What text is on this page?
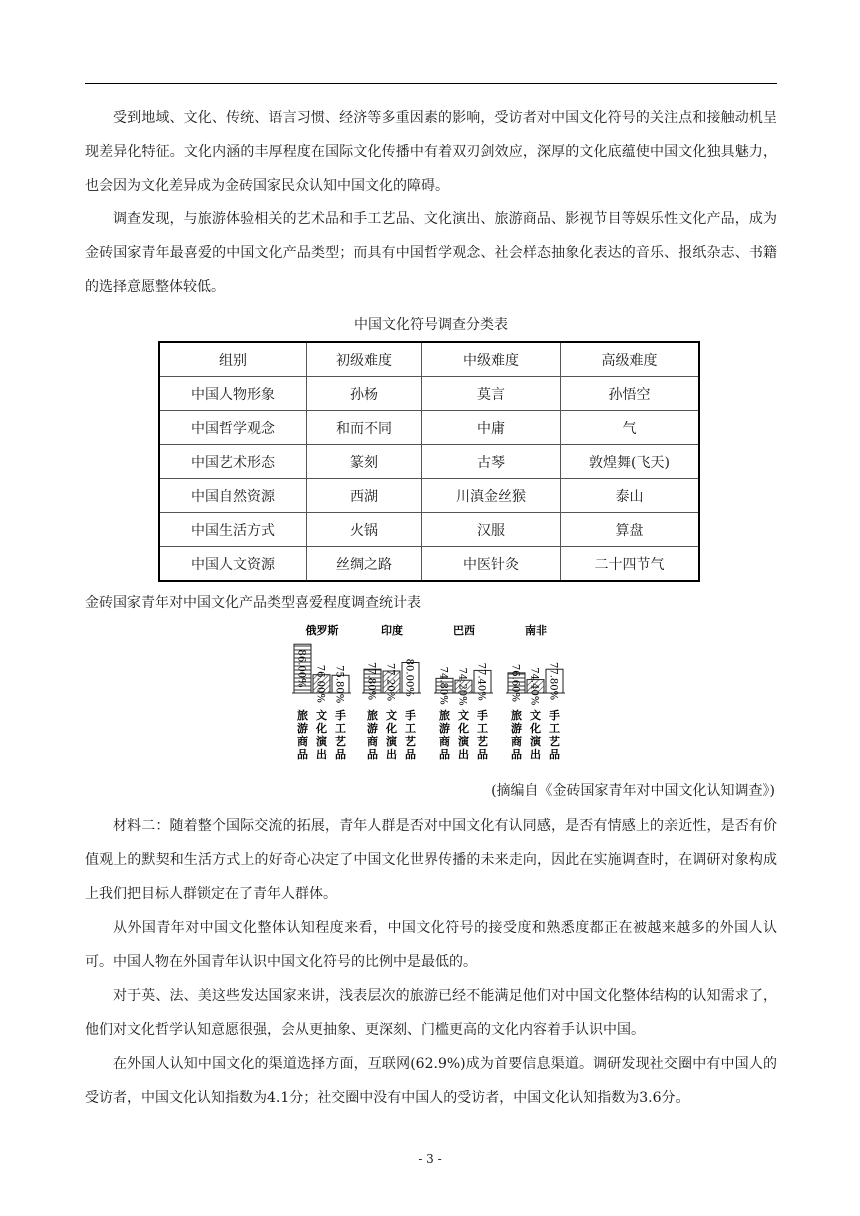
受到地域、文化、传统、语言习惯、经济等多重因素的影响，受访者对中国文化符号的关注点和接触动机呈现差异化特征。文化内涵的丰厚程度在国际文化传播中有着双刃剑效应，深厚的文化底蕴使中国文化独具魅力，也会因为文化差异成为金砖国家民众认知中国文化的障碍。

调查发现，与旅游体验相关的艺术品和手工艺品、文化演出、旅游商品、影视节目等娱乐性文化产品，成为金砖国家青年最喜爱的中国文化产品类型；而具有中国哲学观念、社会样态抽象化表达的音乐、报纸杂志、书籍的选择意愿整体较低。

中国文化符号调查分类表
组别	初级难度	中级难度	高级难度
中国人物形象	孙杨	莫言	孙悟空
中国哲学观念	和而不同	中庸	气
中国艺术形态	篆刻	古琴	敦煌舞(飞天)
中国自然资源	西湖	川滇金丝猴	泰山
中国生活方式	火锅	汉服	算盘
中国人文资源	丝绸之路	中医针灸	二十四节气
金砖国家青年对中国文化产品类型喜爱程度调查统计表
俄罗斯
86.00%
旅
游
商
品
76.00%
文
化
演
出
75.80%
手
工
艺
品
印度
77.80%
旅
游
商
品
77.20%
文
化
演
出
80.00%
手
工
艺
品
巴西
74.80%
旅
游
商
品
74.20%
文
化
演
出
77.40%
手
工
艺
品
南非
76.60%
旅
游
商
品
74.40%
文
化
演
出
77.80%
手
工
艺
品
(摘编自《金砖国家青年对中国文化认知调查》)

材料二：随着整个国际交流的拓展，青年人群是否对中国文化有认同感，是否有情感上的亲近性，是否有价值观上的默契和生活方式上的好奇心决定了中国文化世界传播的未来走向，因此在实施调查时，在调研对象构成上我们把目标人群锁定在了青年人群体。

从外国青年对中国文化整体认知程度来看，中国文化符号的接受度和熟悉度都正在被越来越多的外国人认可。中国人物在外国青年认识中国文化符号的比例中是最低的。

对于英、法、美这些发达国家来讲，浅表层次的旅游已经不能满足他们对中国文化整体结构的认知需求了，他们对文化哲学认知意愿很强，会从更抽象、更深刻、门槛更高的文化内容着手认识中国。

在外国人认知中国文化的渠道选择方面，互联网(62.9%)成为首要信息渠道。调研发现社交圈中有中国人的受访者，中国文化认知指数为4.1分；社交圈中没有中国人的受访者，中国文化认知指数为3.6分。

- 3 -
